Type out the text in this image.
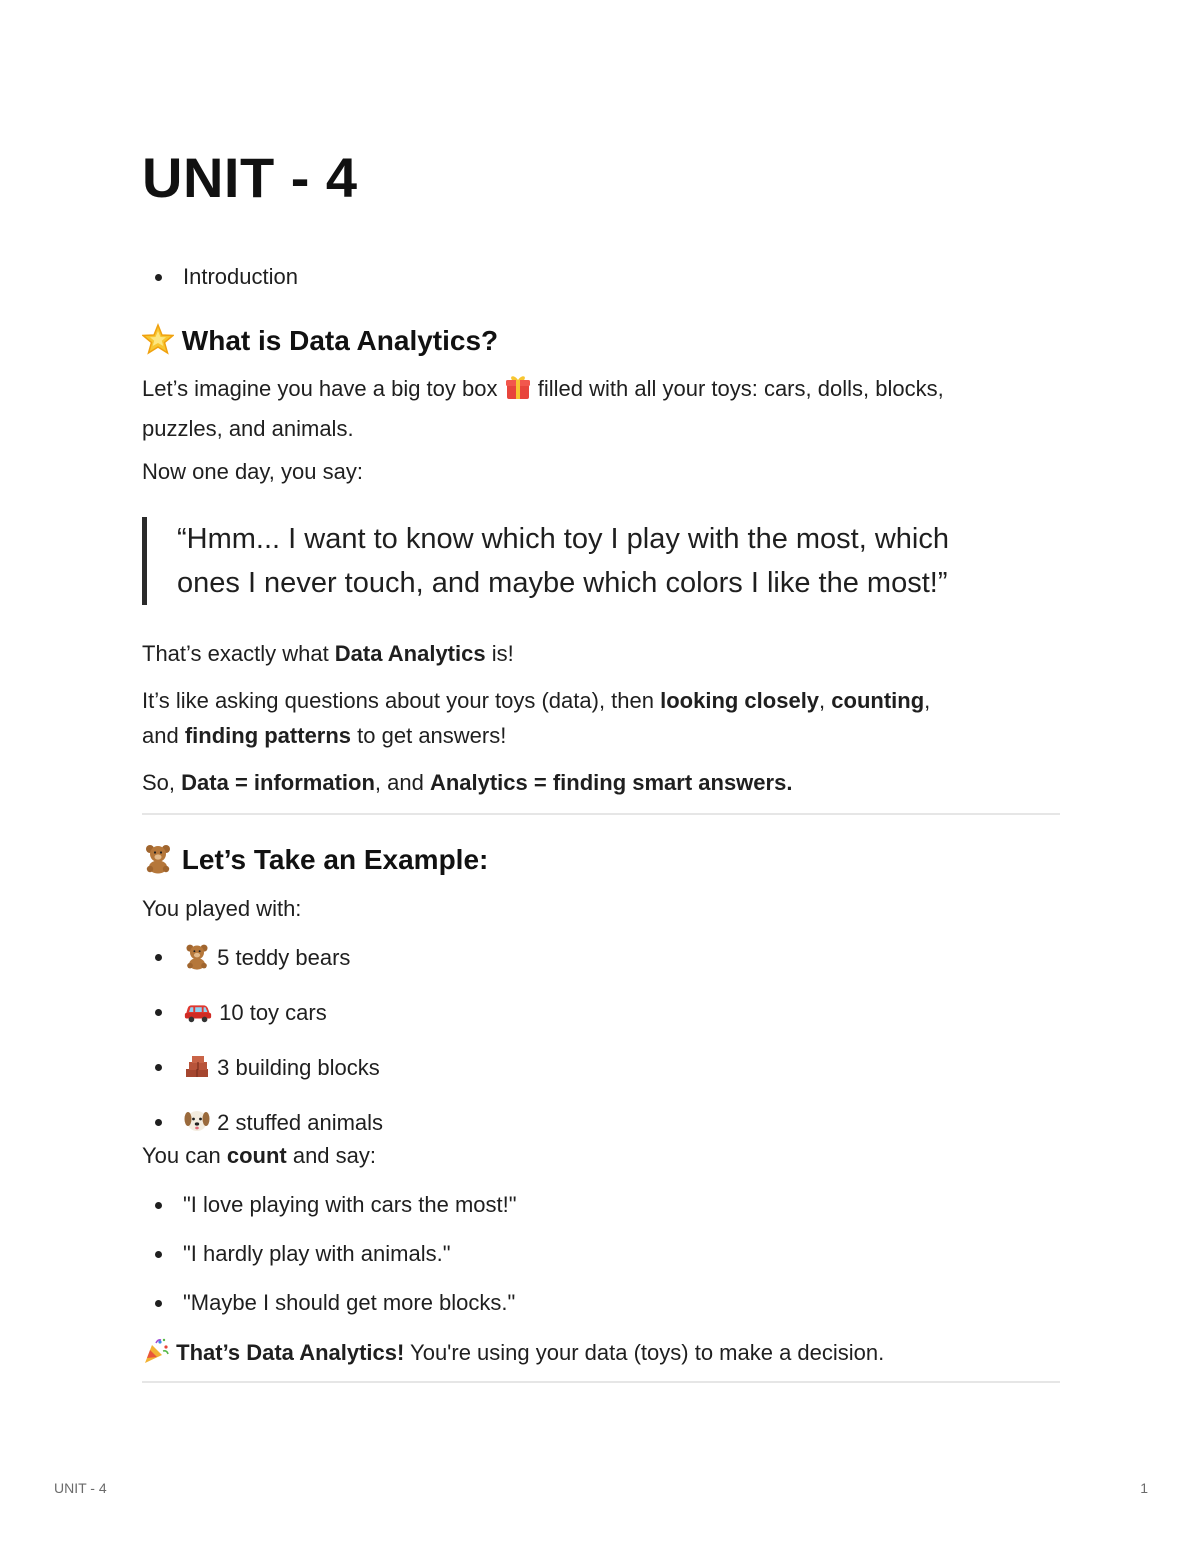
UNIT - 4
Introduction
What is Data Analytics?

Let’s imagine you have a big toy box filled with all your toys: cars, dolls, blocks,
puzzles, and animals.

Now one day, you say:

“Hmm... I want to know which toy I play with the most, which
ones I never touch, and maybe which colors I like the most!”

That’s exactly what Data Analytics is!

It’s like asking questions about your toys (data), then looking closely, counting,
and finding patterns to get answers!

So, Data = information, and Analytics = finding smart answers.

Let’s Take an Example:

You played with:

5 teddy bears
10 toy cars
3 building blocks
2 stuffed animals

You can count and say:

"I love playing with cars the most!"
"I hardly play with animals."
"Maybe I should get more blocks."

That’s Data Analytics! You're using your data (toys) to make a decision.

UNIT - 4	1
